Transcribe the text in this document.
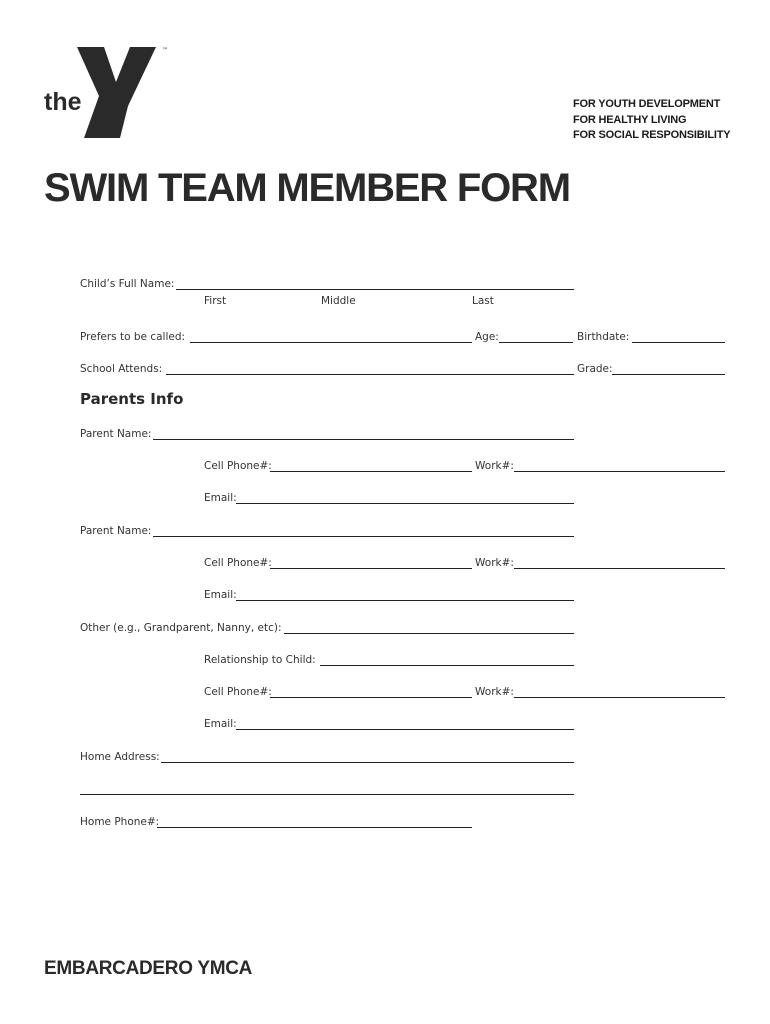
the
™
FOR YOUTH DEVELOPMENT
FOR HEALTHY LIVING
FOR SOCIAL RESPONSIBILITY
SWIM TEAM MEMBER FORM
Child’s Full Name:
First	Middle	Last
Prefers to be called:	Age:	Birthdate:
School Attends:	Grade:
Parents Info
Parent Name:
Cell Phone#:	Work#:
Email:
Parent Name:
Cell Phone#:	Work#:
Email:
Other (e.g., Grandparent, Nanny, etc):
Relationship to Child:
Cell Phone#:	Work#:
Email:
Home Address:
Home Phone#:
EMBARCADERO YMCA
